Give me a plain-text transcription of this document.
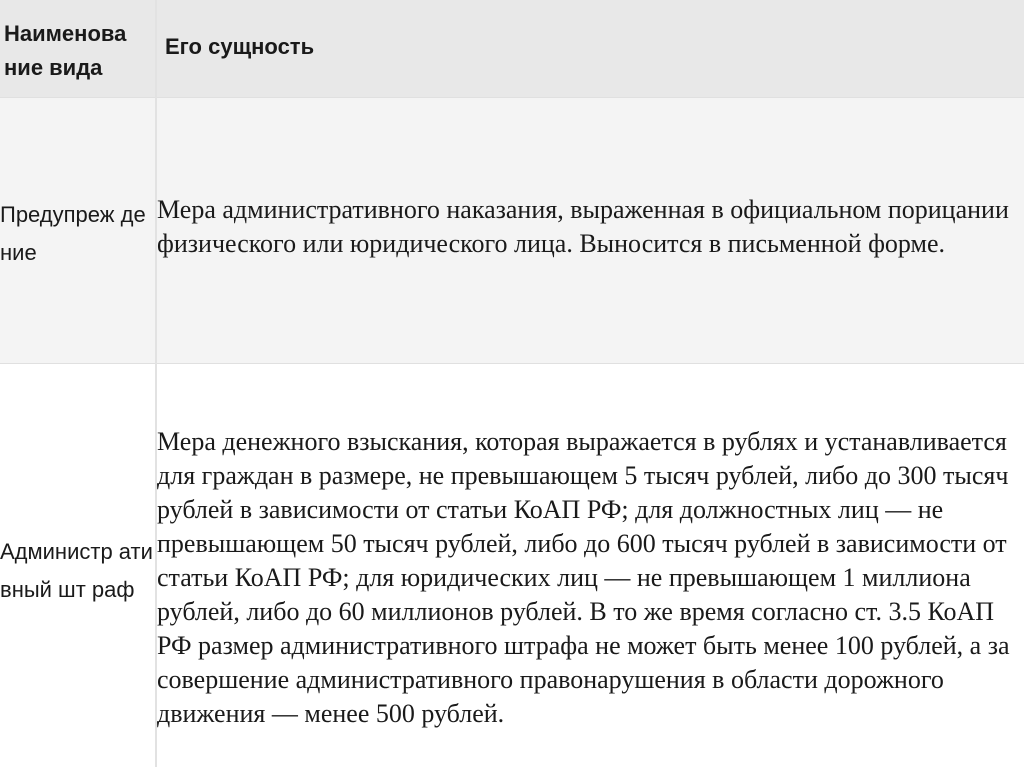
Наименова ние вида	Его сущность
Предупреж дение	Мера административного наказания, выраженная в официальном порицании физического или юридического лица. Выносится в письменной форме.
Администр ативный шт раф	Мера денежного взыскания, которая выражается в рублях и устанавливается для граждан в размере, не превышающем 5 тысяч рублей, либо до 300 тысяч рублей в зависимости от статьи КоАП РФ; для должностных лиц — не превышающем 50 тысяч рублей, либо до 600 тысяч рублей в зависимости от статьи КоАП РФ; для юридических лиц — не превышающем 1 миллиона рублей, либо до 60 миллионов рублей. В то же время согласно ст. 3.5 КоАП РФ размер административного штрафа не может быть менее 100 рублей, а за совершение административного правонарушения в области дорожного движения — менее 500 рублей.
